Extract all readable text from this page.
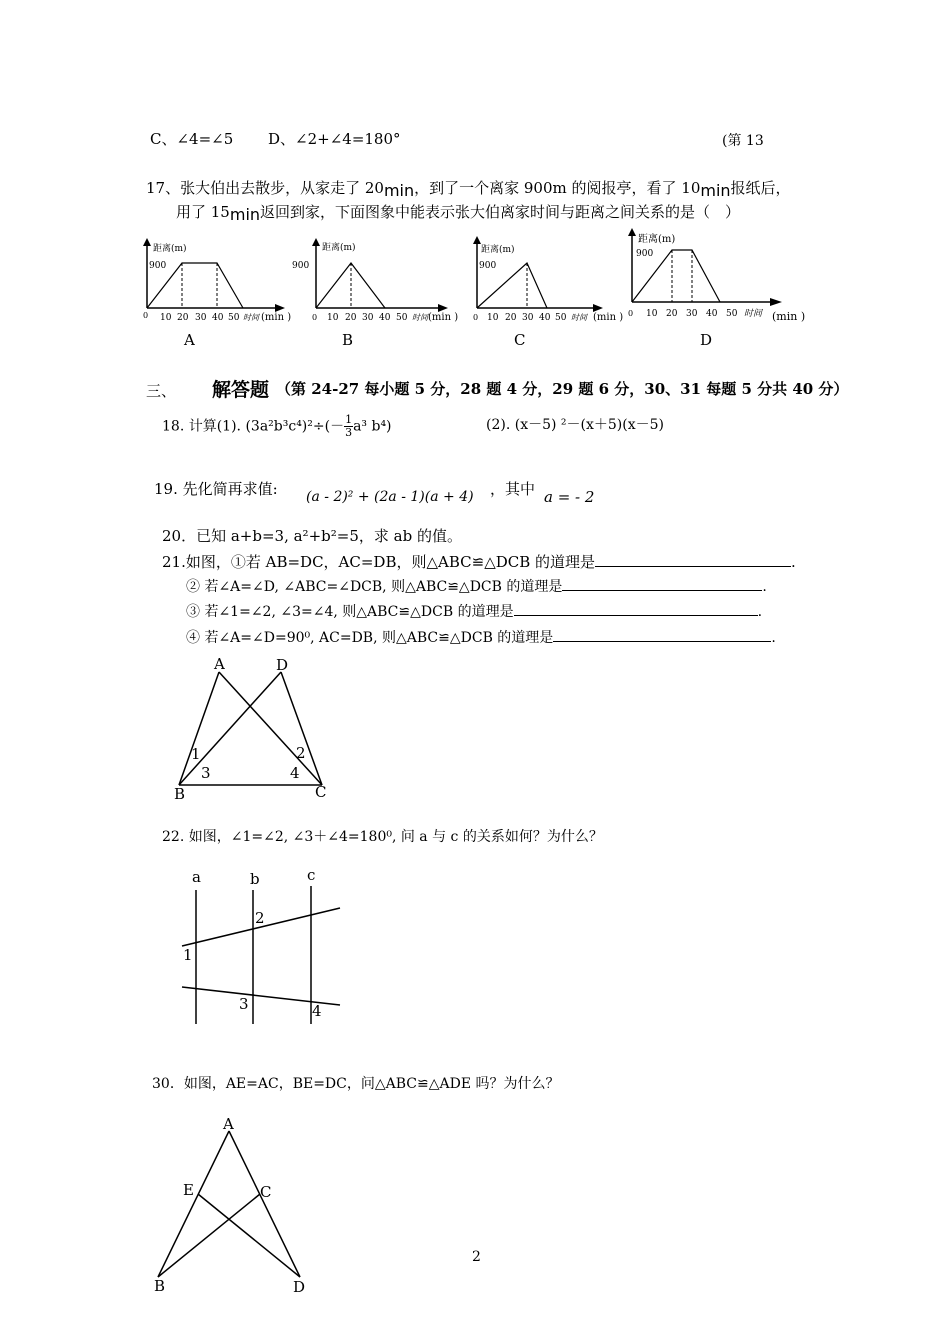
C、∠4=∠5 D、∠2+∠4=180°	(第 13
17、张大伯出去散步，从家走了 20min，到了一个离家 900m 的阅报亭，看了 10min报纸后，
用了 15min返回到家，下面图象中能表示张大伯离家时间与距离之间关系的是（　）
距离(m)
900
0 10 20 30 40 50 时间 (min )
距离(m)
900
0 10 20 30 40 50 时间 (min )
距离(m)
900
0 10 20 30 40 50 时间 (min )
距离(m)
900
0 10 20 30 40 50 时间 (min )
A	B	C	D
三、 解答题 （第 24-27 每小题 5 分，28 题 4 分，29 题 6 分，30、31 每题 5 分共 40 分）
18. 计算(1). $(3a^2b^3c^4)^2\div(- \frac{1}{3} a^3$ b⁴)	(2). (x－5) ²－(x＋5)(x－5)
19. 先化简再求值: (a - 2)² + (2a - 1)(a + 4) ，其中 a = - 2
20．已知 a+b=3, a²+b²=5，求 ab 的值。
21.如图，①若 AB=DC，AC=DB，则△ABC≌△DCB 的道理是	.
② 若∠A=∠D, ∠ABC=∠DCB, 则△ABC≌△DCB 的道理是	.
③ 若∠1=∠2, ∠3=∠4, 则△ABC≌△DCB 的道理是	.
④ 若∠A=∠D=90⁰, AC=DB, 则△ABC≌△DCB 的道理是	.
A	D
B	C
1	2
3	4
22. 如图，∠1=∠2, ∠3＋∠4=180⁰, 问 a 与 c 的关系如何？为什么？
a	b	c
1
2
3	4
30．如图，AE=AC，BE=DC，问△ABC≌△ADE 吗？为什么？
A
E	C
B	D
2
